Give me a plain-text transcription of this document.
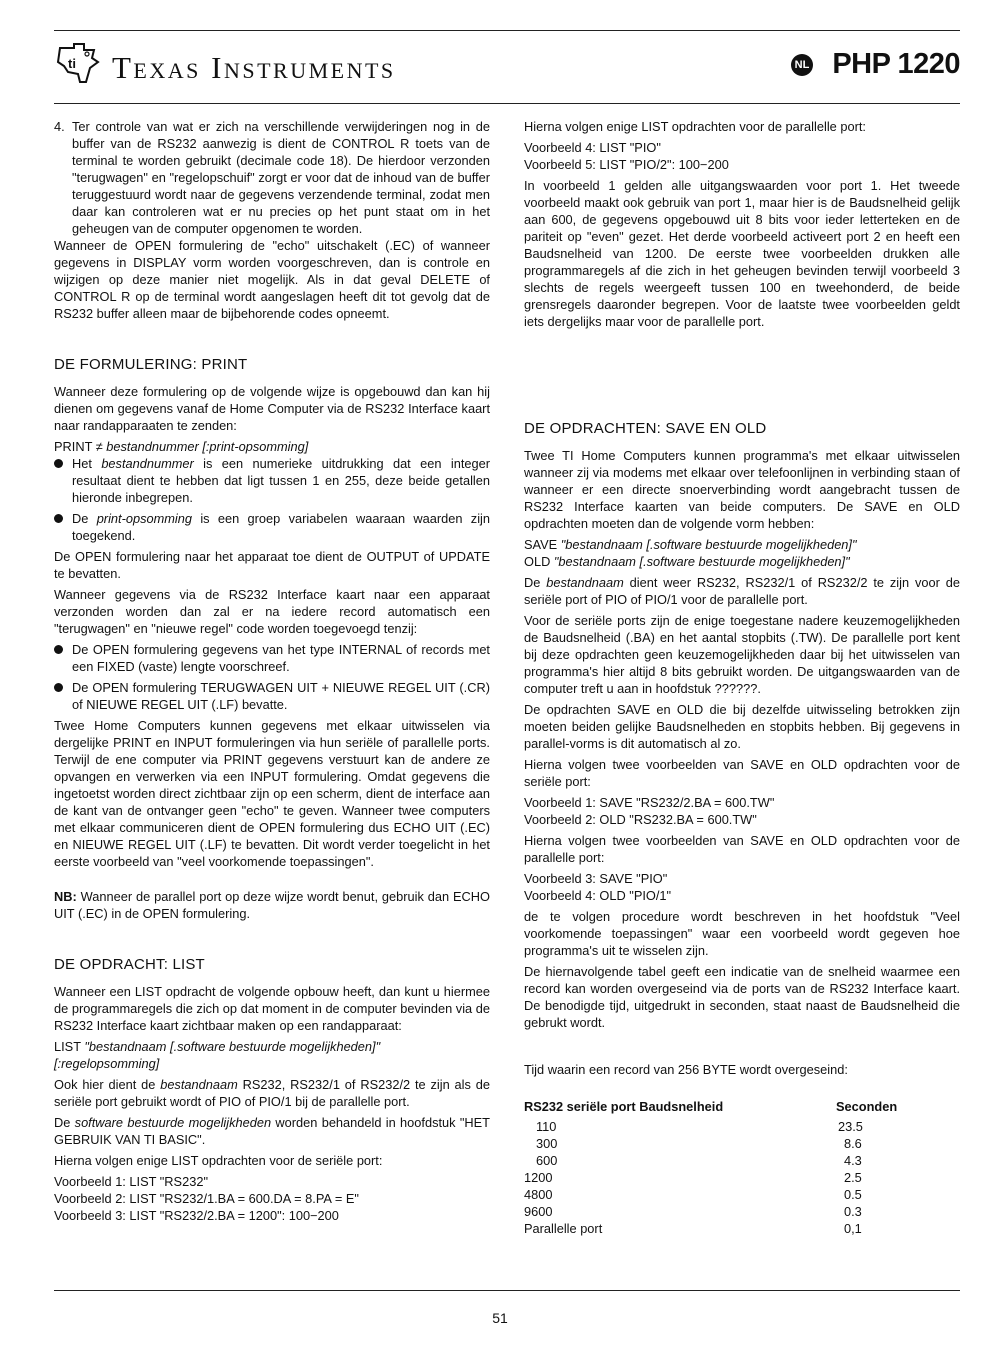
ti Texas Instruments	NL PHP 1220
4. Ter controle van wat er zich na verschillende verwijderingen nog in de buffer van de RS232 aanwezig is dient de CONTROL R toets van de terminal te worden gebruikt (decimale code 18). De hierdoor verzonden "terugwagen" en "regelopschuif" zorgt er voor dat de inhoud van de buffer teruggestuurd wordt naar de gegevens verzendende terminal, zodat men daar kan controleren wat er nu precies op het punt staat om in het geheugen van de computer opgenomen te worden.

Wanneer de OPEN formulering de "echo" uitschakelt (.EC) of wanneer gegevens in DISPLAY vorm worden voorgeschreven, dan is controle en wijzigen op deze manier niet mogelijk. Als in dat geval DELETE of CONTROL R op de terminal wordt aangeslagen heeft dit tot gevolg dat de RS232 buffer alleen maar de bijbehorende codes opneemt.

DE FORMULERING: PRINT

Wanneer deze formulering op de volgende wijze is opgebouwd dan kan hij dienen om gegevens vanaf de Home Computer via de RS232 Interface kaart naar randapparaaten te zenden:

PRINT ≠ bestandnummer [:print-opsomming]

Het bestandnummer is een numerieke uitdrukking dat een integer resultaat dient te hebben dat ligt tussen 1 en 255, deze beide getallen hieronde inbegrepen.
De print-opsomming is een groep variabelen waaraan waarden zijn toegekend.

De OPEN formulering naar het apparaat toe dient de OUTPUT of UPDATE te bevatten.

Wanneer gegevens via de RS232 Interface kaart naar een apparaat verzonden worden dan zal er na iedere record automatisch een "terugwagen" en "nieuwe regel" code worden toegevoegd tenzij:

De OPEN formulering gegevens van het type INTERNAL of records met een FIXED (vaste) lengte voorschreef.
De OPEN formulering TERUGWAGEN UIT + NIEUWE REGEL UIT (.CR) of NIEUWE REGEL UIT (.LF) bevatte.

Twee Home Computers kunnen gegevens met elkaar uitwisselen via dergelijke PRINT en INPUT formuleringen via hun seriële of parallelle ports. Terwijl de ene computer via PRINT gegevens verstuurt kan de andere ze opvangen en verwerken via een INPUT formulering. Omdat gegevens die ingetoetst worden direct zichtbaar zijn op een scherm, dient de interface aan de kant van de ontvanger geen "echo" te geven. Wanneer twee computers met elkaar communiceren dient de OPEN formulering dus ECHO UIT (.EC) en NIEUWE REGEL UIT (.LF) te bevatten. Dit wordt verder toegelicht in het eerste voorbeeld van "veel voorkomende toepassingen".

NB: Wanneer de parallel port op deze wijze wordt benut, gebruik dan ECHO UIT (.EC) in de OPEN formulering.

DE OPDRACHT: LIST

Wanneer een LIST opdracht de volgende opbouw heeft, dan kunt u hiermee de programmaregels die zich op dat moment in de computer bevinden via de RS232 Interface kaart zichtbaar maken op een randapparaat:

LIST "bestandnaam [.software bestuurde mogelijkheden]"

[:regelopsomming]

Ook hier dient de bestandnaam RS232, RS232/1 of RS232/2 te zijn als de seriële port gebruikt wordt of PIO of PIO/1 bij de parallelle port.

De software bestuurde mogelijkheden worden behandeld in hoofdstuk "HET GEBRUIK VAN TI BASIC".

Hierna volgen enige LIST opdrachten voor de seriële port:

Voorbeeld 1: LIST "RS232"

Voorbeeld 2: LIST "RS232/1.BA = 600.DA = 8.PA = E"

Voorbeeld 3: LIST "RS232/2.BA = 1200": 100−200

Hierna volgen enige LIST opdrachten voor de parallelle port:

Voorbeeld 4: LIST "PIO"

Voorbeeld 5: LIST "PIO/2": 100−200

In voorbeeld 1 gelden alle uitgangswaarden voor port 1. Het tweede voorbeeld maakt ook gebruik van port 1, maar hier is de Baudsnelheid gelijk aan 600, de gegevens opgebouwd uit 8 bits voor ieder letterteken en de pariteit op "even" gezet. Het derde voorbeeld activeert port 2 en heeft een Baudsnelheid van 1200. De eerste twee voorbeelden drukken alle programmaregels af die zich in het geheugen bevinden terwijl voorbeeld 3 slechts de regels weergeeft tussen 100 en tweehonderd, de beide grensregels daaronder begrepen. Voor de laatste twee voorbeelden geldt iets dergelijks maar voor de parallelle port.

DE OPDRACHTEN: SAVE EN OLD

Twee TI Home Computers kunnen programma's met elkaar uitwisselen wanneer zij via modems met elkaar over telefoonlijnen in verbinding staan of wanneer er een directe snoerverbinding wordt aangebracht tussen de RS232 Interface kaarten van beide computers. De SAVE en OLD opdrachten moeten dan de volgende vorm hebben:

SAVE "bestandnaam [.software bestuurde mogelijkheden]"

OLD "bestandnaam [.software bestuurde mogelijkheden]"

De bestandnaam dient weer RS232, RS232/1 of RS232/2 te zijn voor de seriële port of PIO of PIO/1 voor de parallelle port.

Voor de seriële ports zijn de enige toegestane nadere keuzemogelijkheden de Baudsnelheid (.BA) en het aantal stopbits (.TW). De parallelle port kent bij deze opdrachten geen keuzemogelijkheden daar bij het uitwisselen van programma's hier altijd 8 bits gebruikt worden. De uitgangswaarden van de computer treft u aan in hoofdstuk ??????.

De opdrachten SAVE en OLD die bij dezelfde uitwisseling betrokken zijn moeten beiden gelijke Baudsnelheden en stopbits hebben. Bij gegevens in parallel-vorms is dit automatisch al zo.

Hierna volgen twee voorbeelden van SAVE en OLD opdrachten voor de seriële port:

Voorbeeld 1: SAVE "RS232/2.BA = 600.TW"

Voorbeeld 2: OLD "RS232.BA = 600.TW"

Hierna volgen twee voorbeelden van SAVE en OLD opdrachten voor de parallelle port:

Voorbeeld 3: SAVE "PIO"

Voorbeeld 4: OLD "PIO/1"

de te volgen procedure wordt beschreven in het hoofdstuk "Veel voorkomende toepassingen" waar een voorbeeld wordt gegeven hoe programma's uit te wisselen zijn.

De hiernavolgende tabel geeft een indicatie van de snelheid waarmee een record kan worden overgeseind via de ports van de RS232 Interface kaart. De benodigde tijd, uitgedrukt in seconden, staat naast de Baudsnelheid die gebrukt wordt.

Tijd waarin een record van 256 BYTE wordt overgeseind:

RS232 seriële port Baudsnelheid	Seconden
110	23.5
300	8.6
600	4.3
1200	2.5
4800	0.5
9600	0.3
Parallelle port	0,1
51
